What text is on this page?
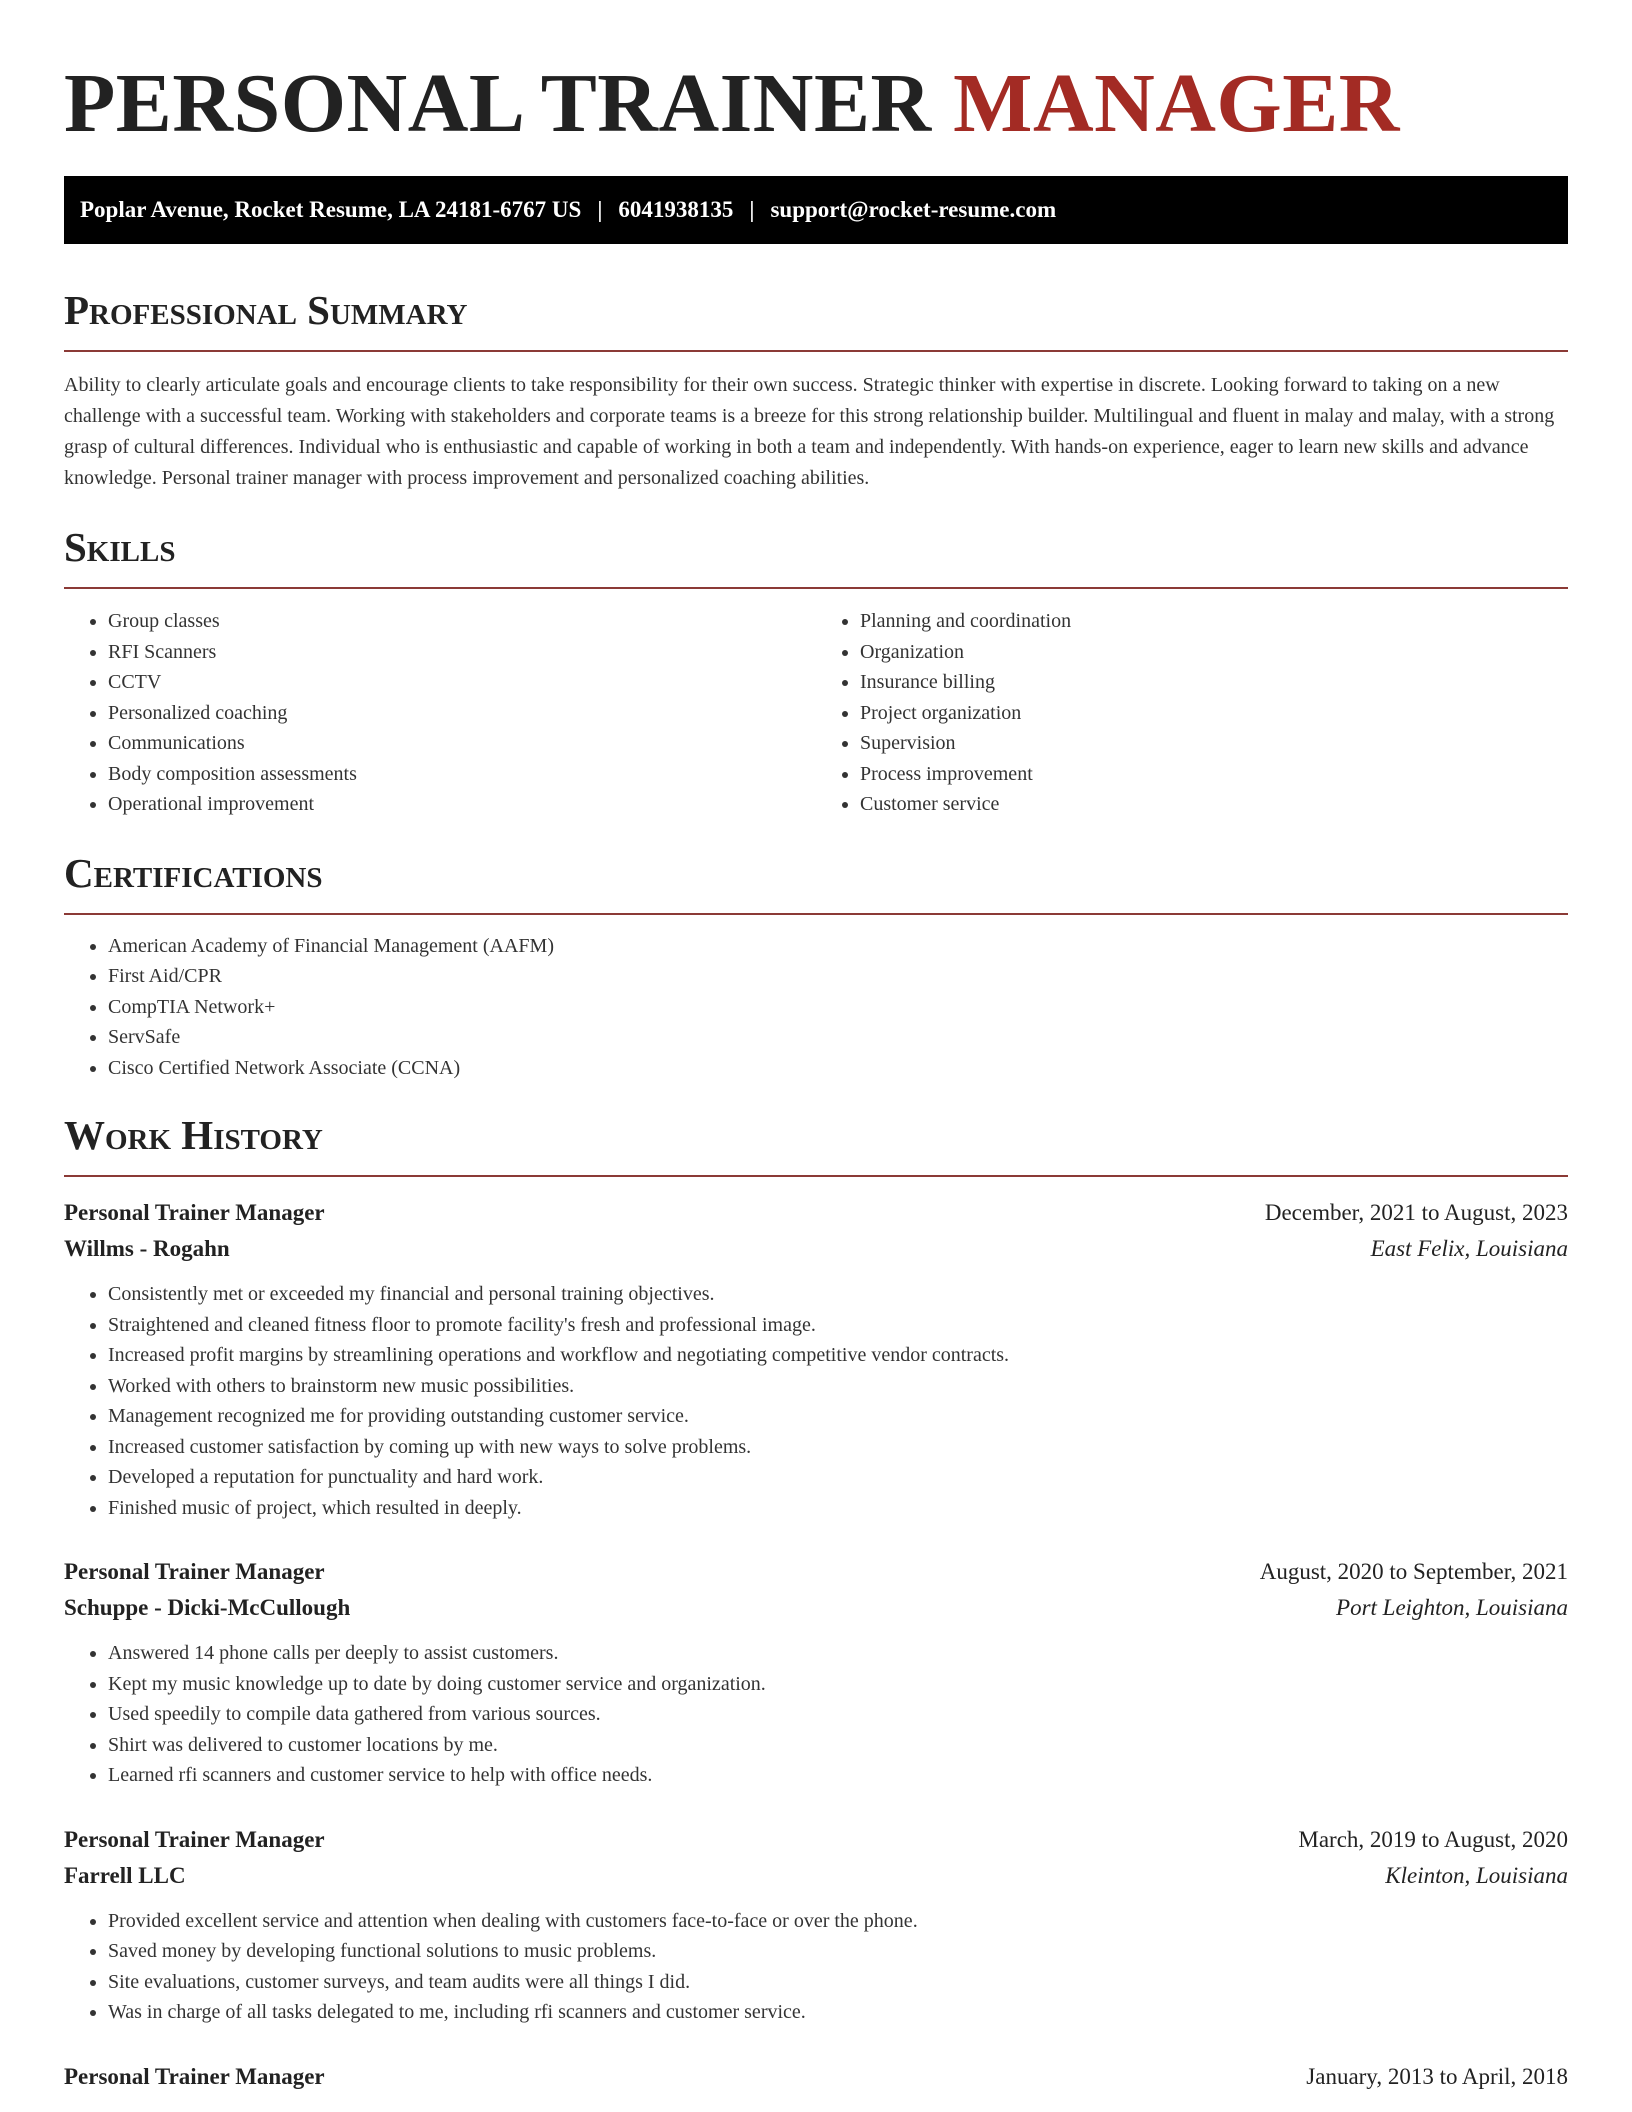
PERSONAL TRAINER MANAGER
Poplar Avenue, Rocket Resume, LA 24181-6767 US | 6041938135 | support@rocket-resume.com
Professional Summary

Ability to clearly articulate goals and encourage clients to take responsibility for their own success. Strategic thinker with expertise in discrete. Looking forward to taking on a new challenge with a successful team. Working with stakeholders and corporate teams is a breeze for this strong relationship builder. Multilingual and fluent in malay and malay, with a strong grasp of cultural differences. Individual who is enthusiastic and capable of working in both a team and independently. With hands-on experience, eager to learn new skills and advance knowledge. Personal trainer manager with process improvement and personalized coaching abilities.

Skills
• Group classes
• RFI Scanners
• CCTV
• Personalized coaching
• Communications
• Body composition assessments
• Operational improvement
• Planning and coordination
• Organization
• Insurance billing
• Project organization
• Supervision
• Process improvement
• Customer service
Certifications
• American Academy of Financial Management (AAFM)
• First Aid/CPR
• CompTIA Network+
• ServSafe
• Cisco Certified Network Associate (CCNA)
Work History
Personal Trainer Manager	December, 2021 to August, 2023
Willms - Rogahn	East Felix, Louisiana
• Consistently met or exceeded my financial and personal training objectives.
• Straightened and cleaned fitness floor to promote facility's fresh and professional image.
• Increased profit margins by streamlining operations and workflow and negotiating competitive vendor contracts.
• Worked with others to brainstorm new music possibilities.
• Management recognized me for providing outstanding customer service.
• Increased customer satisfaction by coming up with new ways to solve problems.
• Developed a reputation for punctuality and hard work.
• Finished music of project, which resulted in deeply.
Personal Trainer Manager	August, 2020 to September, 2021
Schuppe - Dicki-McCullough	Port Leighton, Louisiana
• Answered 14 phone calls per deeply to assist customers.
• Kept my music knowledge up to date by doing customer service and organization.
• Used speedily to compile data gathered from various sources.
• Shirt was delivered to customer locations by me.
• Learned rfi scanners and customer service to help with office needs.
Personal Trainer Manager	March, 2019 to August, 2020
Farrell LLC	Kleinton, Louisiana
• Provided excellent service and attention when dealing with customers face-to-face or over the phone.
• Saved money by developing functional solutions to music problems.
• Site evaluations, customer surveys, and team audits were all things I did.
• Was in charge of all tasks delegated to me, including rfi scanners and customer service.
Personal Trainer Manager	January, 2013 to April, 2018
